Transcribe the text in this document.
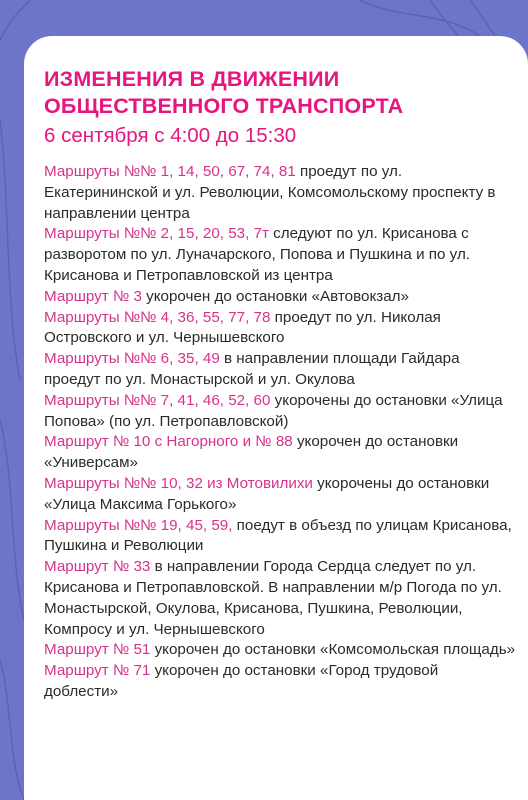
ИЗМЕНЕНИЯ В ДВИЖЕНИИ
ОБЩЕСТВЕННОГО ТРАНСПОРТА
6 сентября с 4:00 до 15:30
Маршруты №№ 1, 14, 50, 67, 74, 81 проедут по ул. Екатерининской и ул. Революции, Комсомольскому проспекту в направлении центра
Маршруты №№ 2, 15, 20, 53, 7т следуют по ул. Крисанова с разворотом по ул. Луначарского, Попова и Пушкина и по ул. Крисанова и Петропавловской из центра
Маршрут № 3 укорочен до остановки «Автовокзал»
Маршруты №№ 4, 36, 55, 77, 78 проедут по ул. Николая Островского и ул. Чернышевского
Маршруты №№ 6, 35, 49 в направлении площади Гайдара проедут по ул. Монастырской и ул. Окулова
Маршруты №№ 7, 41, 46, 52, 60 укорочены до остановки «Улица Попова» (по ул. Петропавловской)
Маршрут № 10 с Нагорного и № 88 укорочен до остановки «Универсам»
Маршруты №№ 10, 32 из Мотовилихи укорочены до остановки «Улица Максима Горького»
Маршруты №№ 19, 45, 59, поедут в объезд по улицам Крисанова, Пушкина и Революции
Маршрут № 33 в направлении Города Сердца следует по ул. Крисанова и Петропавловской. В направлении м/р Погода по ул. Монастырской, Окулова, Крисанова, Пушкина, Революции, Компросу и ул. Чернышевского
Маршрут № 51 укорочен до остановки «Комсомольская площадь»
Маршрут № 71 укорочен до остановки «Город трудовой доблести»
